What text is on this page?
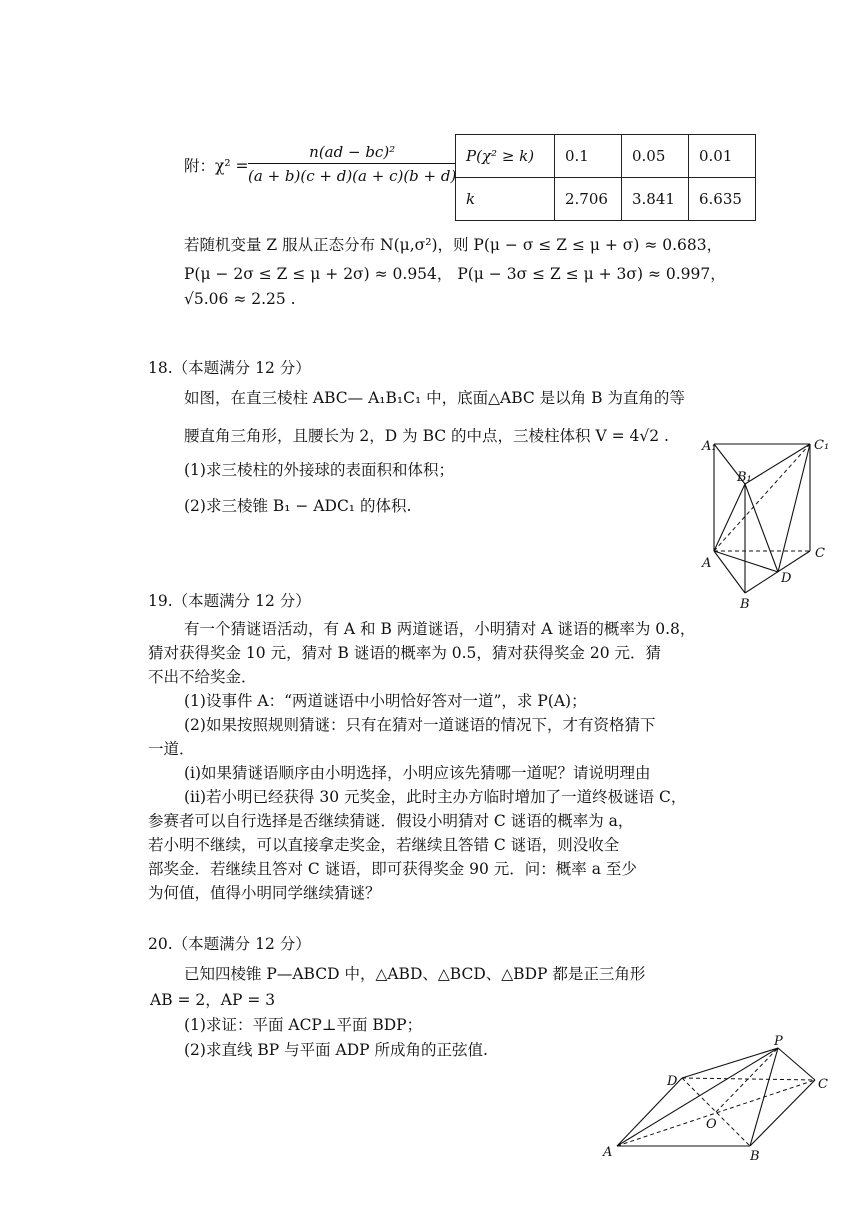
附：$\chi^2 = \frac{\text{n(ad − bc)²}}{(a + b)(c + d)(a + c)(b + d)} P(\chi^2 \ge k)$	0.1	0.05	0.01
k	2.706	3.841	6.635
若随机变量 Z 服从正态分布 N(μ,σ²)，则 P(μ − σ ≤ Z ≤ μ + σ) ≈ 0.683，
P(μ − 2σ ≤ Z ≤ μ + 2σ) ≈ 0.954， P(μ − 3σ ≤ Z ≤ μ + 3σ) ≈ 0.997，
√5.06 ≈ 2.25 .
18.（本题满分 12 分）
如图，在直三棱柱 ABC— A₁B₁C₁ 中，底面△ABC 是以角 B 为直角的等
腰直角三角形，且腰长为 2，D 为 BC 的中点，三棱柱体积 V = 4√2 .
(1)求三棱柱的外接球的表面积和体积；
(2)求三棱锥 B₁ − ADC₁ 的体积.
A₁
B₁
C₁
A
B
C
D
19.（本题满分 12 分）
有一个猜谜语活动，有 A 和 B 两道谜语，小明猜对 A 谜语的概率为 0.8，
猜对获得奖金 10 元，猜对 B 谜语的概率为 0.5，猜对获得奖金 20 元．猜
不出不给奖金．
(1)设事件 A：“两道谜语中小明恰好答对一道”，求 P(A)；
(2)如果按照规则猜谜：只有在猜对一道谜语的情况下，才有资格猜下
一道．
(i)如果猜谜语顺序由小明选择，小明应该先猜哪一道呢？请说明理由
(ii)若小明已经获得 30 元奖金，此时主办方临时增加了一道终极谜语 C，
参赛者可以自行选择是否继续猜谜．假设小明猜对 C 谜语的概率为 a，
若小明不继续，可以直接拿走奖金，若继续且答错 C 谜语，则没收全
部奖金．若继续且答对 C 谜语，即可获得奖金 90 元．问：概率 a 至少
为何值，值得小明同学继续猜谜？
20.（本题满分 12 分）
已知四棱锥 P—ABCD 中，△ABD、△BCD、△BDP 都是正三角形
AB = 2，AP = 3
(1)求证：平面 ACP⊥平面 BDP；
(2)求直线 BP 与平面 ADP 所成角的正弦值.	P
D	C
O
A	B
